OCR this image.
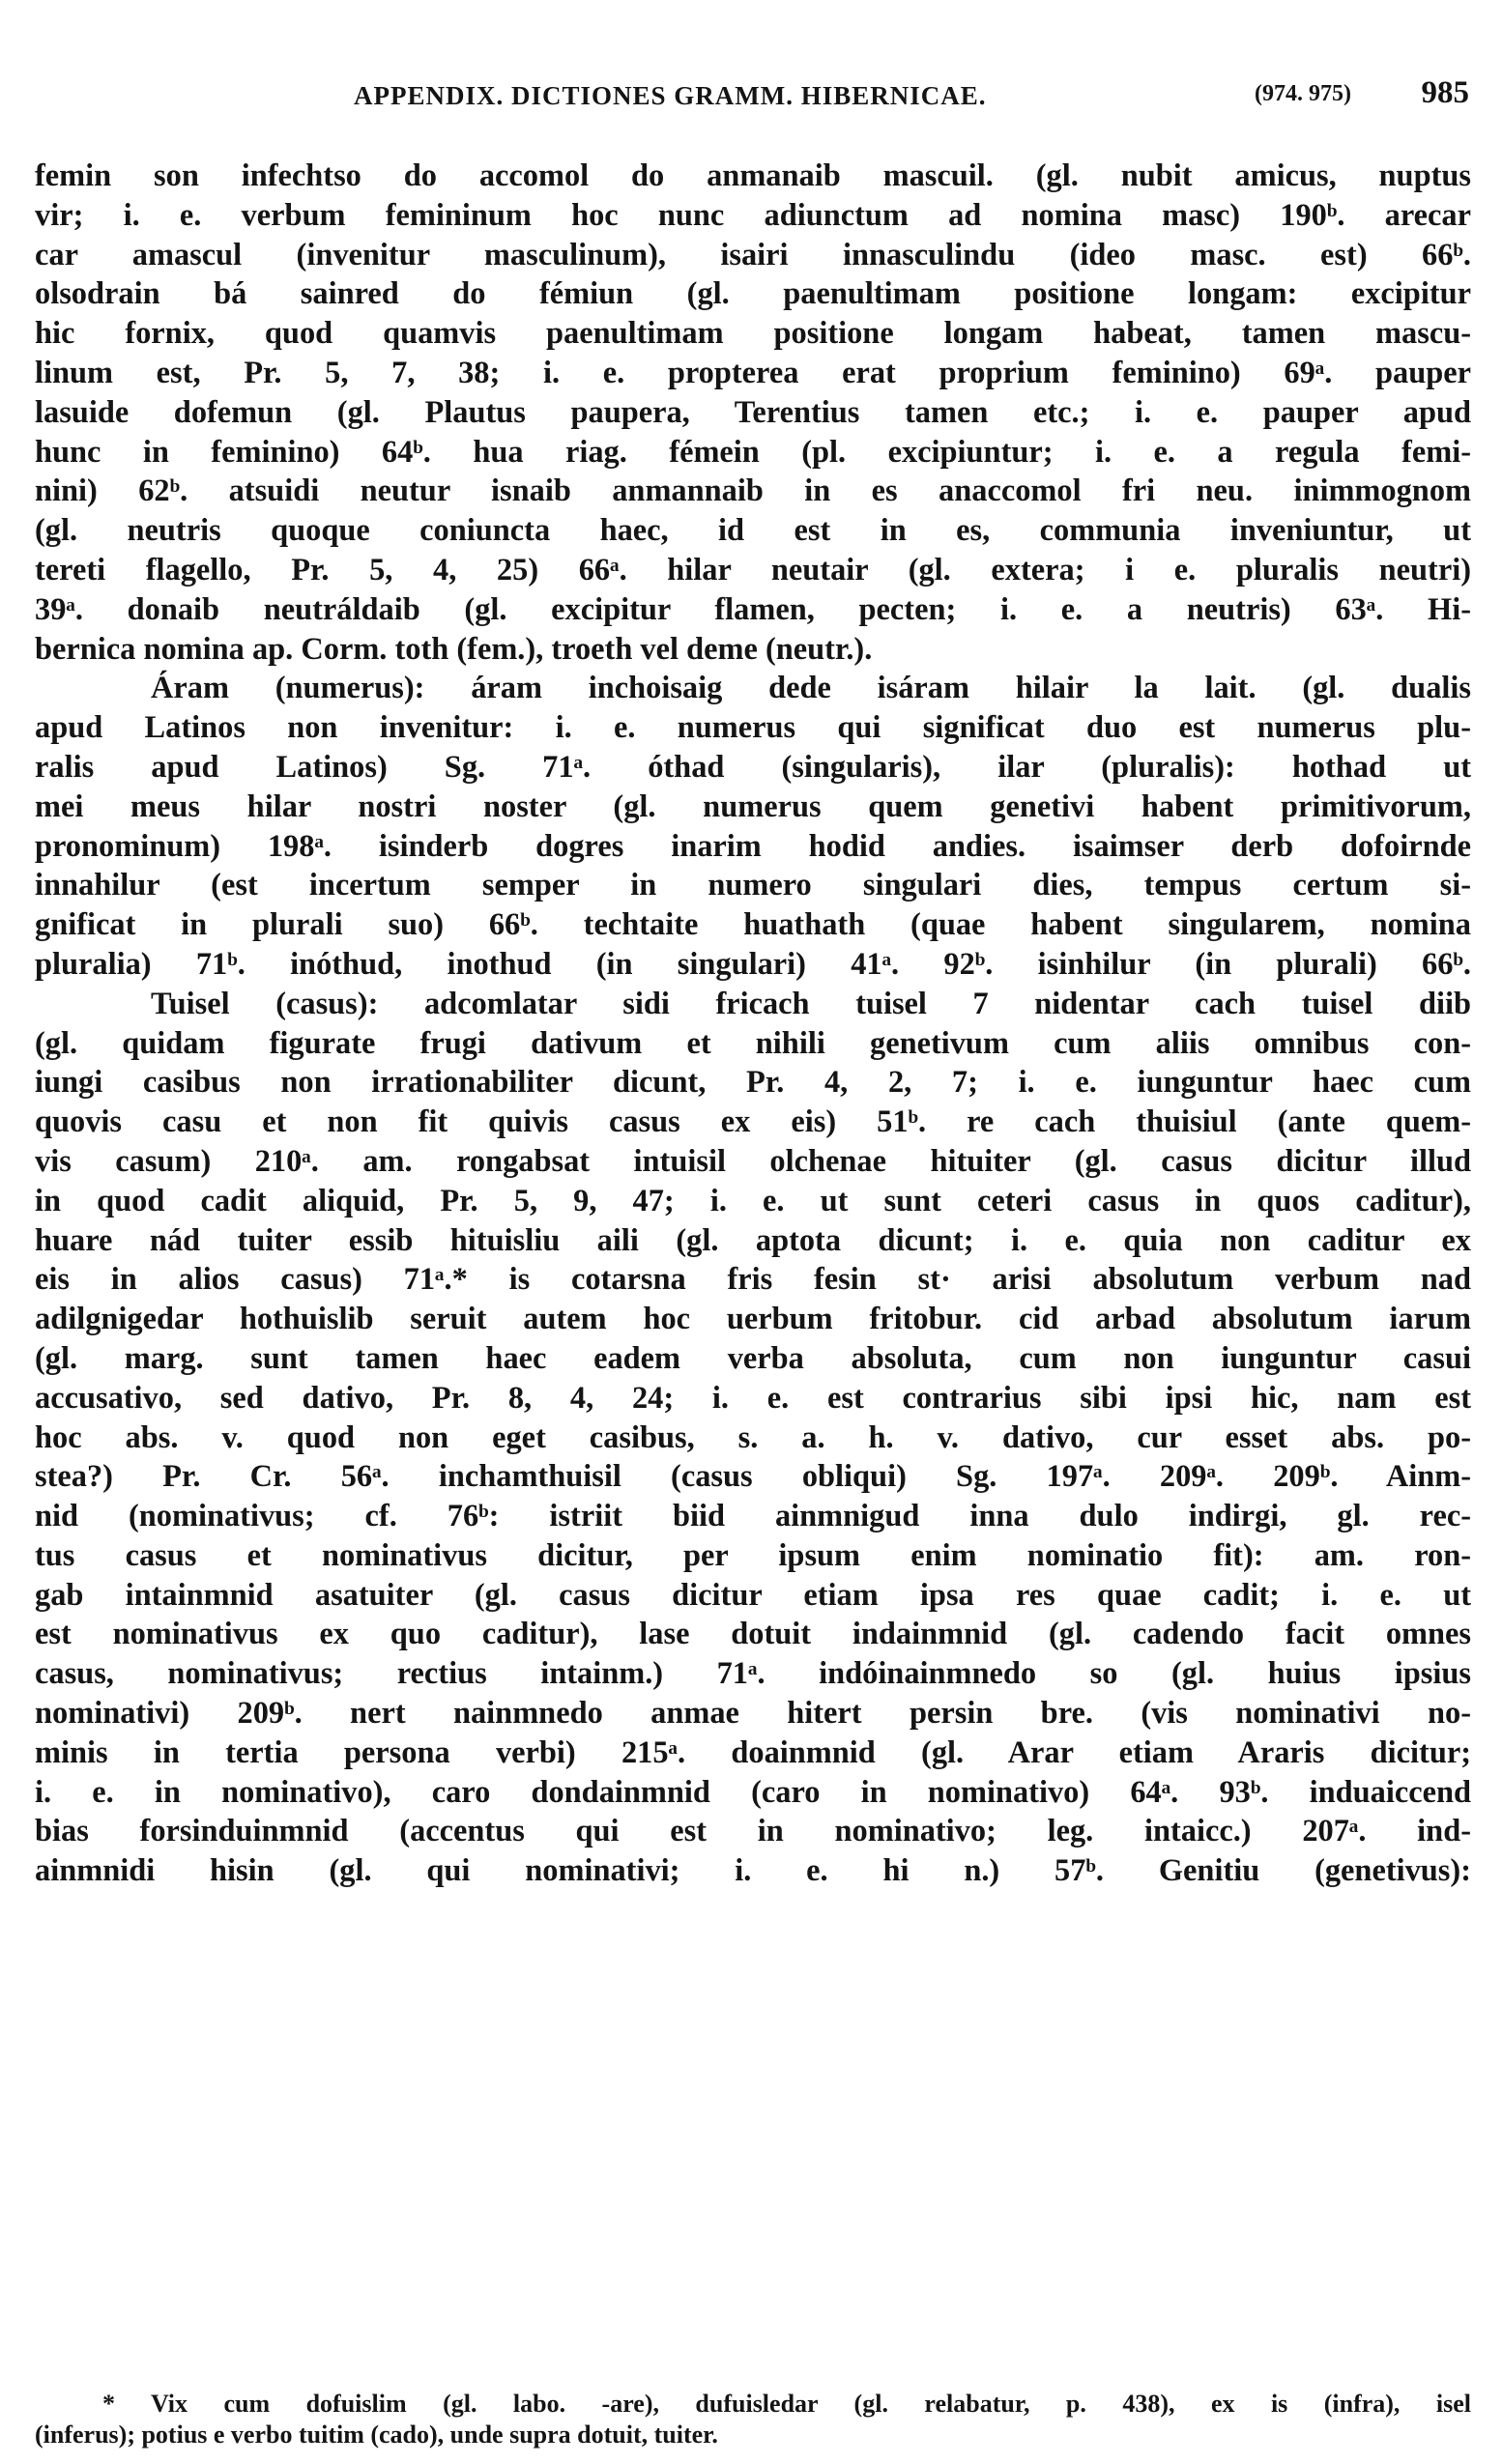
APPENDIX. DICTIONES GRAMM. HIBERNICAE.	(974. 975) 985
femin son infechtso do accomol do anmanaib mascuil. (gl. nubit amicus, nuptus
vir; i. e. verbum femininum hoc nunc adiunctum ad nomina masc) 190ᵇ. arecar
car amascul (invenitur masculinum), isairi innasculindu (ideo masc. est) 66ᵇ.
olsodrain bá sainred do fémiun (gl. paenultimam positione longam: excipitur
hic fornix, quod quamvis paenultimam positione longam habeat, tamen mascu-
linum est, Pr. 5, 7, 38; i. e. propterea erat proprium feminino) 69ᵃ. pauper
lasuide dofemun (gl. Plautus paupera, Terentius tamen etc.; i. e. pauper apud
hunc in feminino) 64ᵇ. hua riag. fémein (pl. excipiuntur; i. e. a regula femi-
nini) 62ᵇ. atsuidi neutur isnaib anmannaib in es anaccomol fri neu. inimmognom
(gl. neutris quoque coniuncta haec, id est in es, communia inveniuntur, ut
tereti flagello, Pr. 5, 4, 25) 66ᵃ. hilar neutair (gl. extera; i e. pluralis neutri)
39ᵃ. donaib neutráldaib (gl. excipitur flamen, pecten; i. e. a neutris) 63ᵃ. Hi-
bernica nomina ap. Corm. toth (fem.), troeth vel deme (neutr.).
Áram (numerus): áram inchoisaig dede isáram hilair la lait. (gl. dualis
apud Latinos non invenitur: i. e. numerus qui significat duo est numerus plu-
ralis apud Latinos) Sg. 71ᵃ. óthad (singularis), ilar (pluralis): hothad ut
mei meus hilar nostri noster (gl. numerus quem genetivi habent primitivorum,
pronominum) 198ᵃ. isinderb dogres inarim hodid andies. isaimser derb dofoirnde
innahilur (est incertum semper in numero singulari dies, tempus certum si-
gnificat in plurali suo) 66ᵇ. techtaite huathath (quae habent singularem, nomina
pluralia) 71ᵇ. inóthud, inothud (in singulari) 41ᵃ. 92ᵇ. isinhilur (in plurali) 66ᵇ.
Tuisel (casus): adcomlatar sidi fricach tuisel 7 nidentar cach tuisel diib
(gl. quidam figurate frugi dativum et nihili genetivum cum aliis omnibus con-
iungi casibus non irrationabiliter dicunt, Pr. 4, 2, 7; i. e. iunguntur haec cum
quovis casu et non fit quivis casus ex eis) 51ᵇ. re cach thuisiul (ante quem-
vis casum) 210ᵃ. am. rongabsat intuisil olchenae hituiter (gl. casus dicitur illud
in quod cadit aliquid, Pr. 5, 9, 47; i. e. ut sunt ceteri casus in quos caditur),
huare nád tuiter essib hituisliu aili (gl. aptota dicunt; i. e. quia non caditur ex
eis in alios casus) 71ᵃ.* is cotarsna fris fesin st· arisi absolutum verbum nad
adilgnigedar hothuislib seruit autem hoc uerbum fritobur. cid arbad absolutum iarum
(gl. marg. sunt tamen haec eadem verba absoluta, cum non iunguntur casui
accusativo, sed dativo, Pr. 8, 4, 24; i. e. est contrarius sibi ipsi hic, nam est
hoc abs. v. quod non eget casibus, s. a. h. v. dativo, cur esset abs. po-
stea?) Pr. Cr. 56ᵃ. inchamthuisil (casus obliqui) Sg. 197ᵃ. 209ᵃ. 209ᵇ. Ainm-
nid (nominativus; cf. 76ᵇ: istriit biid ainmnigud inna dulo indirgi, gl. rec-
tus casus et nominativus dicitur, per ipsum enim nominatio fit): am. ron-
gab intainmnid asatuiter (gl. casus dicitur etiam ipsa res quae cadit; i. e. ut
est nominativus ex quo caditur), lase dotuit indainmnid (gl. cadendo facit omnes
casus, nominativus; rectius intainm.) 71ᵃ. indóinainmnedo so (gl. huius ipsius
nominativi) 209ᵇ. nert nainmnedo anmae hitert persin bre. (vis nominativi no-
minis in tertia persona verbi) 215ᵃ. doainmnid (gl. Arar etiam Araris dicitur;
i. e. in nominativo), caro dondainmnid (caro in nominativo) 64ᵃ. 93ᵇ. induaiccend
bias forsinduinmnid (accentus qui est in nominativo; leg. intaicc.) 207ᵃ. ind-
ainmnidi hisin (gl. qui nominativi; i. e. hi n.) 57ᵇ. Genitiu (genetivus):
* Vix cum dofuislim (gl. labo. -are), dufuisledar (gl. relabatur, p. 438), ex is (infra), isel
(inferus); potius e verbo tuitim (cado), unde supra dotuit, tuiter.
